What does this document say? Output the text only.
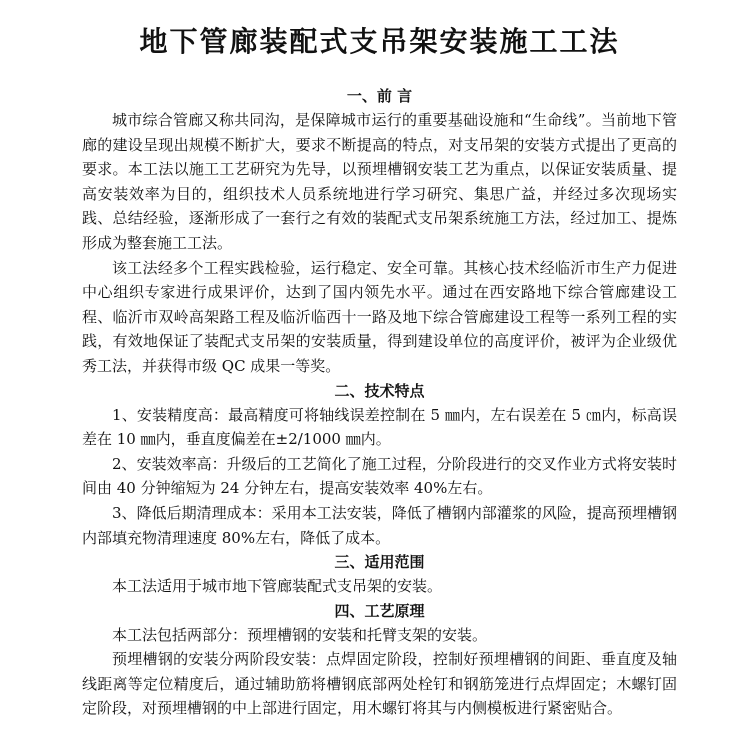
地下管廊装配式支吊架安装施工工法
一、前 言

城市综合管廊又称共同沟，是保障城市运行的重要基础设施和“生命线”。当前地下管廊的建设呈现出规模不断扩大，要求不断提高的特点，对支吊架的安装方式提出了更高的要求。本工法以施工工艺研究为先导，以预埋槽钢安装工艺为重点，以保证安装质量、提高安装效率为目的，组织技术人员系统地进行学习研究、集思广益，并经过多次现场实践、总结经验，逐渐形成了一套行之有效的装配式支吊架系统施工方法，经过加工、提炼形成为整套施工工法。

该工法经多个工程实践检验，运行稳定、安全可靠。其核心技术经临沂市生产力促进中心组织专家进行成果评价，达到了国内领先水平。通过在西安路地下综合管廊建设工程、临沂市双岭高架路工程及临沂临西十一路及地下综合管廊建设工程等一系列工程的实践，有效地保证了装配式支吊架的安装质量，得到建设单位的高度评价，被评为企业级优秀工法，并获得市级 QC 成果一等奖。

二、技术特点

1、安装精度高：最高精度可将轴线误差控制在 5 ㎜内，左右误差在 5 ㎝内，标高误差在 10 ㎜内，垂直度偏差在±2/1000 ㎜内。

2、安装效率高：升级后的工艺简化了施工过程，分阶段进行的交叉作业方式将安装时间由 40 分钟缩短为 24 分钟左右，提高安装效率 40%左右。

3、降低后期清理成本：采用本工法安装，降低了槽钢内部灌浆的风险，提高预埋槽钢内部填充物清理速度 80%左右，降低了成本。

三、适用范围

本工法适用于城市地下管廊装配式支吊架的安装。

四、工艺原理

本工法包括两部分：预埋槽钢的安装和托臂支架的安装。

预埋槽钢的安装分两阶段安装：点焊固定阶段，控制好预埋槽钢的间距、垂直度及轴线距离等定位精度后，通过辅助筋将槽钢底部两处栓钉和钢筋笼进行点焊固定；木螺钉固定阶段，对预埋槽钢的中上部进行固定，用木螺钉将其与内侧模板进行紧密贴合。
